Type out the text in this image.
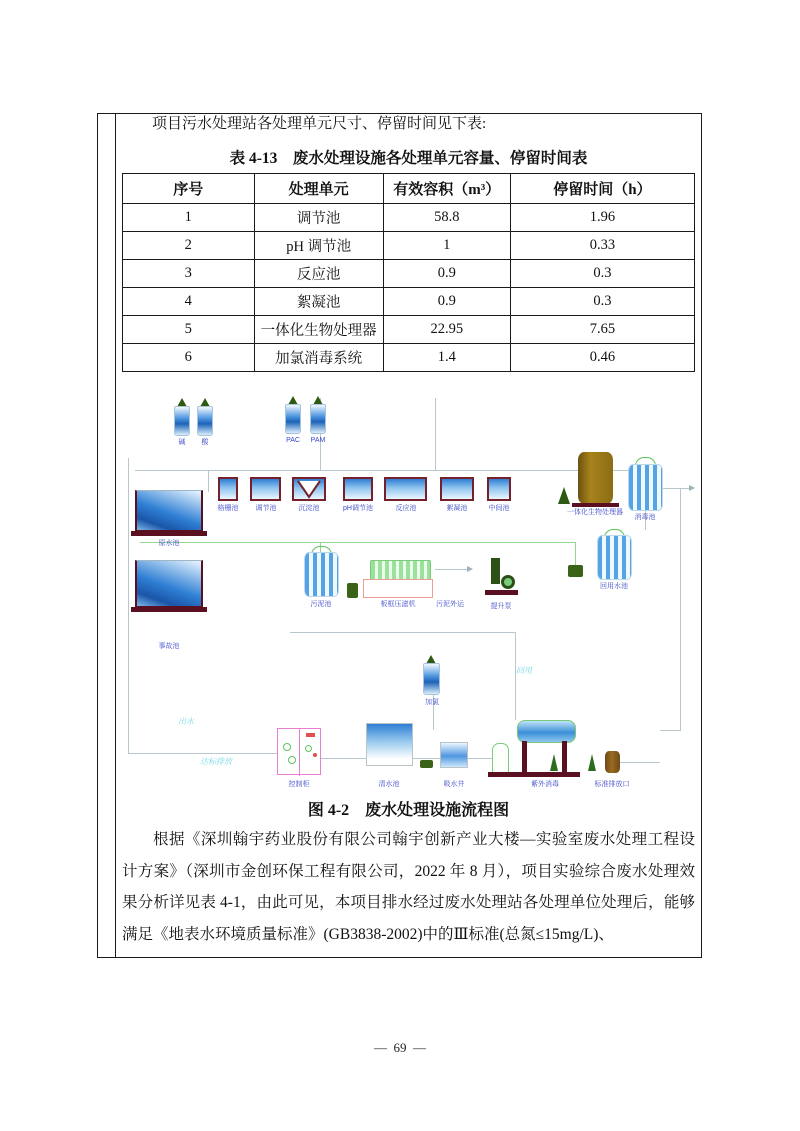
项目污水处理站各处理单元尺寸、停留时间见下表:
表 4-13　废水处理设施各处理单元容量、停留时间表
序号	处理单元	有效容积（m³）	停留时间（h）
1	调节池	58.8	1.96
2	pH 调节池	1	0.33
3	反应池	0.9	0.3
4	絮凝池	0.9	0.3
5	一体化生物处理器	22.95	7.65
6	加氯消毒系统	1.4	0.46
碱 酸	PAC PAM
格栅池 调节池	沉淀池	pH调节池	反应池	絮凝池	中间池
一体化生物处理器
消毒池
回用水池
原水池
事故池
污泥池	板框压滤机	污泥外运	提升泵
出水
达标排放
回用
加氯
控制柜	清水池	吸水井	紫外消毒	标准排放口
图 4-2　废水处理设施流程图
根据《深圳翰宇药业股份有限公司翰宇创新产业大楼—实验室废水处理工程设计方案》（深圳市金创环保工程有限公司，2022 年 8 月），项目实验综合废水处理效果分析详见表 4-1，由此可见，本项目排水经过废水处理站各处理单位处理后，能够满足《地表水环境质量标准》(GB3838-2002)中的Ⅲ标准(总氮≤15mg/L)、
—  69  —
